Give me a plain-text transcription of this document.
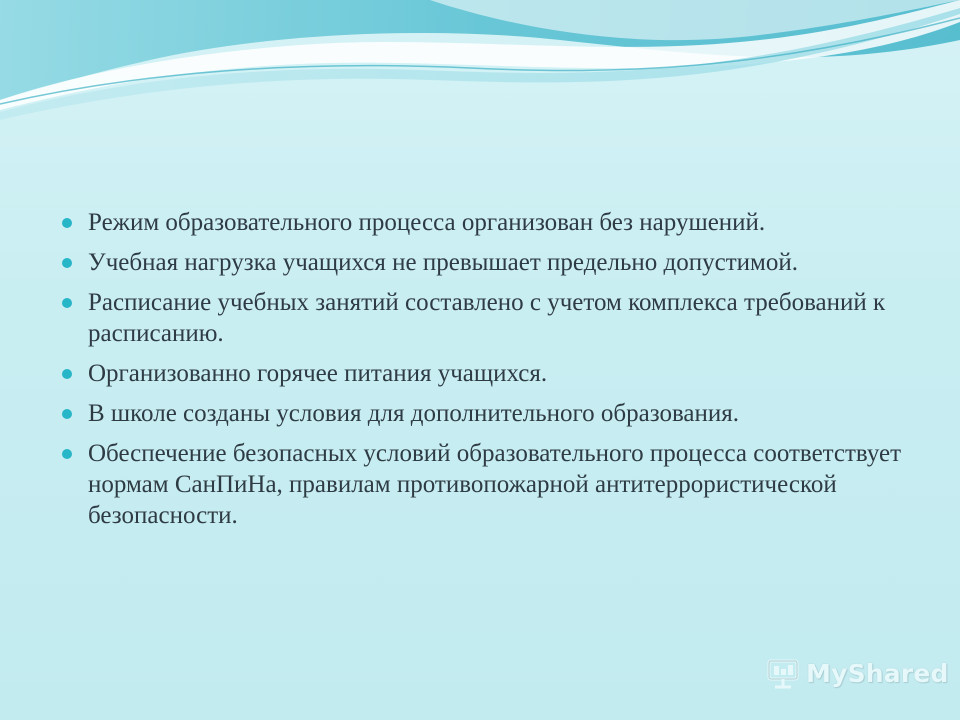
Режим образовательного процесса организован без нарушений.
Учебная нагрузка учащихся не превышает предельно допустимой.
Расписание учебных занятий составлено с учетом комплекса требований к расписанию.
Организованно горячее питания учащихся.
В школе созданы условия для дополнительного образования.
Обеспечение безопасных условий образовательного процесса соответствует нормам СанПиНа, правилам противопожарной антитеррористической безопасности.
MyShared
